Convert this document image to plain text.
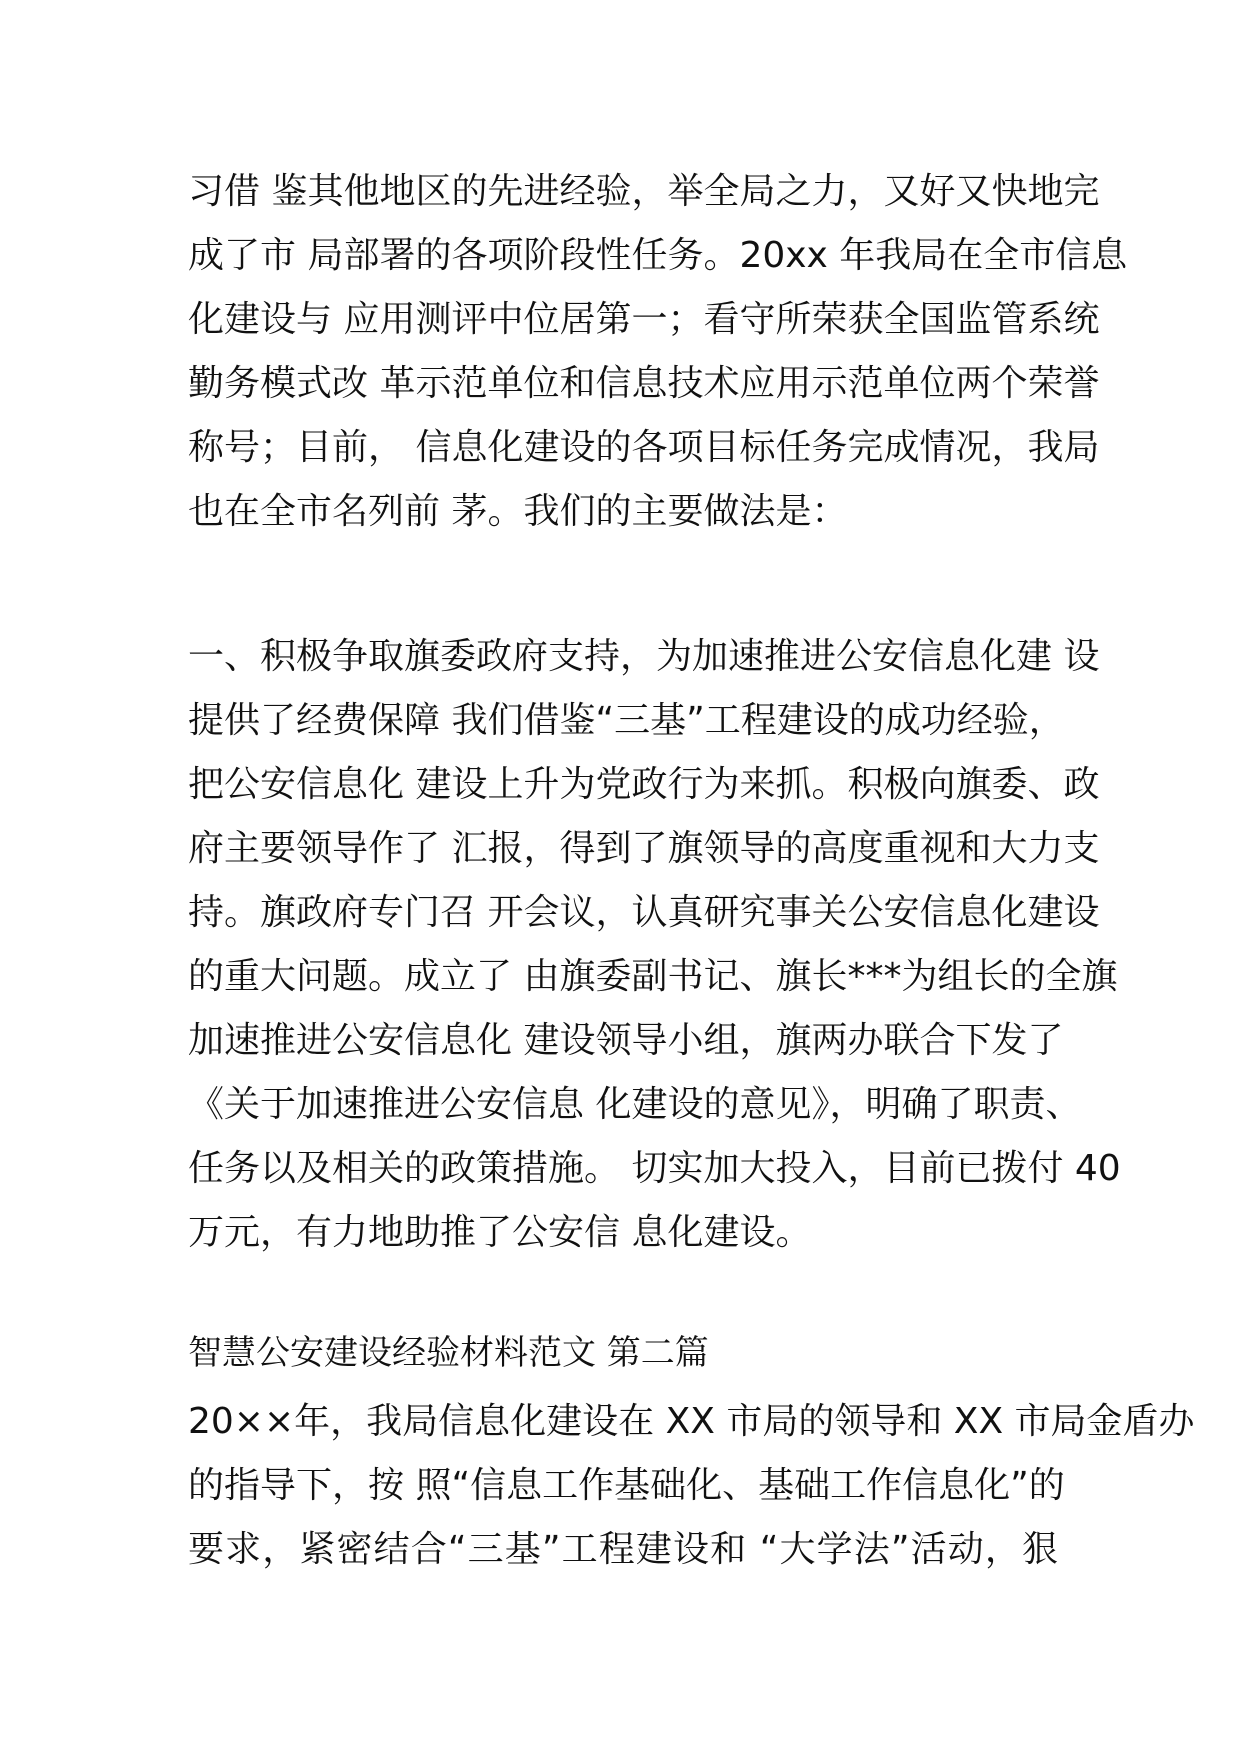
习借 鉴其他地区的先进经验，举全局之力，又好又快地完
成了市 局部署的各项阶段性任务。20xx 年我局在全市信息
化建设与 应用测评中位居第一；看守所荣获全国监管系统
勤务模式改 革示范单位和信息技术应用示范单位两个荣誉
称号；目前， 信息化建设的各项目标任务完成情况，我局
也在全市名列前 茅。我们的主要做法是：
一、积极争取旗委政府支持，为加速推进公安信息化建 设
提供了经费保障 我们借鉴“三基”工程建设的成功经验，
把公安信息化 建设上升为党政行为来抓。积极向旗委、政
府主要领导作了 汇报，得到了旗领导的高度重视和大力支
持。旗政府专门召 开会议，认真研究事关公安信息化建设
的重大问题。成立了 由旗委副书记、旗长***为组长的全旗
加速推进公安信息化 建设领导小组，旗两办联合下发了
《关于加速推进公安信息 化建设的意见》，明确了职责、
任务以及相关的政策措施。 切实加大投入，目前已拨付 40
万元，有力地助推了公安信 息化建设。
智慧公安建设经验材料范文 第二篇
20××年，我局信息化建设在 XX 市局的领导和 XX 市局金盾办
的指导下，按 照“信息工作基础化、基础工作信息化”的
要求，紧密结合“三基”工程建设和 “大学法”活动，狠
